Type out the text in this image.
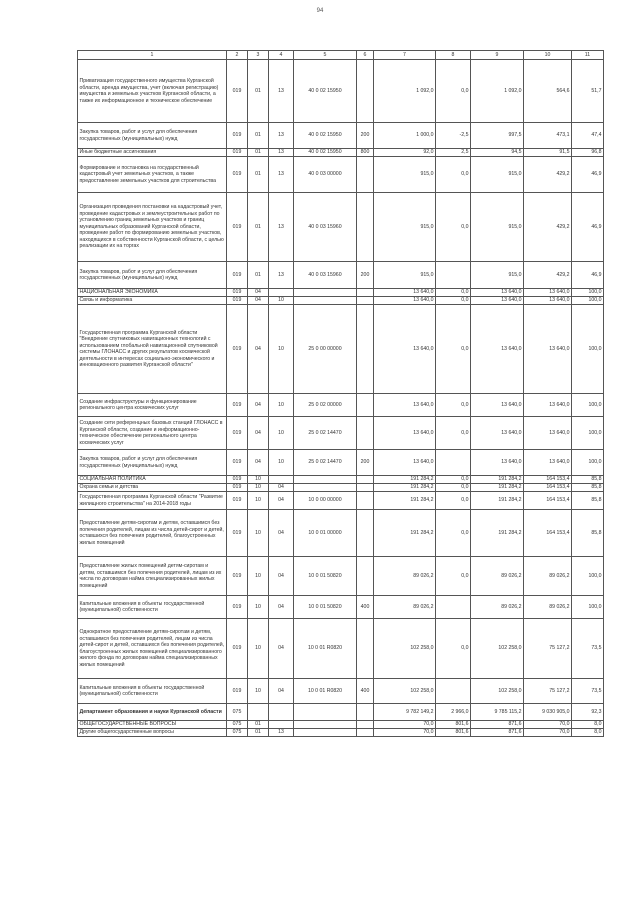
94
1	2	3	4	5	6	7	8	9	10	11
Приватизация государственного имущества Курганской области, аренда имущества, учет (включая регистрацию) имущества и земельных участков Курганской области, а также их информационное и техническое обеспечение	019	01	13	40 0 02 15950		1 092,0	0,0	1 092,0	564,6	51,7
Закупка товаров, работ и услуг для обеспечения государственных (муниципальных) нужд	019	01	13	40 0 02 15950	200	1 000,0	-2,5	997,5	473,1	47,4
Иные бюджетные ассигнования	019	01	13	40 0 02 15950	800	92,0	2,5	94,5	91,5	96,8
Формирование и постановка на государственный кадастровый учет земельных участков, а также предоставление земельных участков для строительства	019	01	13	40 0 03 00000		915,0	0,0	915,0	429,2	46,9
Организация проведения постановки на кадастровый учет, проведение кадастровых и землеустроительных работ по установлению границ земельных участков и границ муниципальных образований Курганской области, проведение работ по формированию земельных участков, находящихся в собственности Курганской области, с целью реализации их на торгах	019	01	13	40 0 03 15960		915,0	0,0	915,0	429,2	46,9
Закупка товаров, работ и услуг для обеспечения государственных (муниципальных) нужд	019	01	13	40 0 03 15960	200	915,0		915,0	429,2	46,9
НАЦИОНАЛЬНАЯ ЭКОНОМИКА	019	04				13 640,0	0,0	13 640,0	13 640,0	100,0
Связь и информатика	019	04	10			13 640,0	0,0	13 640,0	13 640,0	100,0
Государственная программа Курганской области "Внедрение спутниковых навигационных технологий с использованием глобальной навигационной спутниковой системы ГЛОНАСС и других результатов космической деятельности в интересах социально-экономического и инновационного развития Курганской области"	019	04	10	25 0 00 00000		13 640,0	0,0	13 640,0	13 640,0	100,0
Создание инфраструктуры и функционирование регионального центра космических услуг	019	04	10	25 0 02 00000		13 640,0	0,0	13 640,0	13 640,0	100,0
Создание сети референцных базовых станций ГЛОНАСС в Курганской области, создание и информационно-техническое обеспечение регионального центра космических услуг	019	04	10	25 0 02 14470		13 640,0	0,0	13 640,0	13 640,0	100,0
Закупка товаров, работ и услуг для обеспечения государственных (муниципальных) нужд	019	04	10	25 0 02 14470	200	13 640,0		13 640,0	13 640,0	100,0
СОЦИАЛЬНАЯ ПОЛИТИКА	019	10				191 284,2	0,0	191 284,2	164 153,4	85,8
Охрана семьи и детства	019	10	04			191 284,2	0,0	191 284,2	164 153,4	85,8
Государственная программа Курганской области "Развитие жилищного строительства" на 2014-2018 годы	019	10	04	10 0 00 00000		191 284,2	0,0	191 284,2	164 153,4	85,8
Предоставление детям-сиротам и детям, оставшимся без попечения родителей, лицам из числа детей-сирот и детей, оставшихся без попечения родителей, благоустроенных жилых помещений	019	10	04	10 0 01 00000		191 284,2	0,0	191 284,2	164 153,4	85,8
Предоставление жилых помещений детям-сиротам и детям, оставшимся без попечения родителей, лицам из их числа по договорам найма специализированных жилых помещений	019	10	04	10 0 01 50820		89 026,2	0,0	89 026,2	89 026,2	100,0
Капитальные вложения в объекты государственной (муниципальной) собственности	019	10	04	10 0 01 50820	400	89 026,2		89 026,2	89 026,2	100,0
Однократное предоставление детям-сиротам и детям, оставшимся без попечения родителей, лицам из числа детей-сирот и детей, оставшихся без попечения родителей, благоустроенных жилых помещений специализированного жилого фонда по договорам найма специализированных жилых помещений	019	10	04	10 0 01 R0820		102 258,0	0,0	102 258,0	75 127,2	73,5
Капитальные вложения в объекты государственной (муниципальной) собственности	019	10	04	10 0 01 R0820	400	102 258,0		102 258,0	75 127,2	73,5
Департамент образования и науки Курганской области	075					9 782 149,2	2 966,0	9 785 115,2	9 030 905,0	92,3
ОБЩЕГОСУДАРСТВЕННЫЕ ВОПРОСЫ	075	01				70,0	801,6	871,6	70,0	8,0
Другие общегосударственные вопросы	075	01	13			70,0	801,6	871,6	70,0	8,0
